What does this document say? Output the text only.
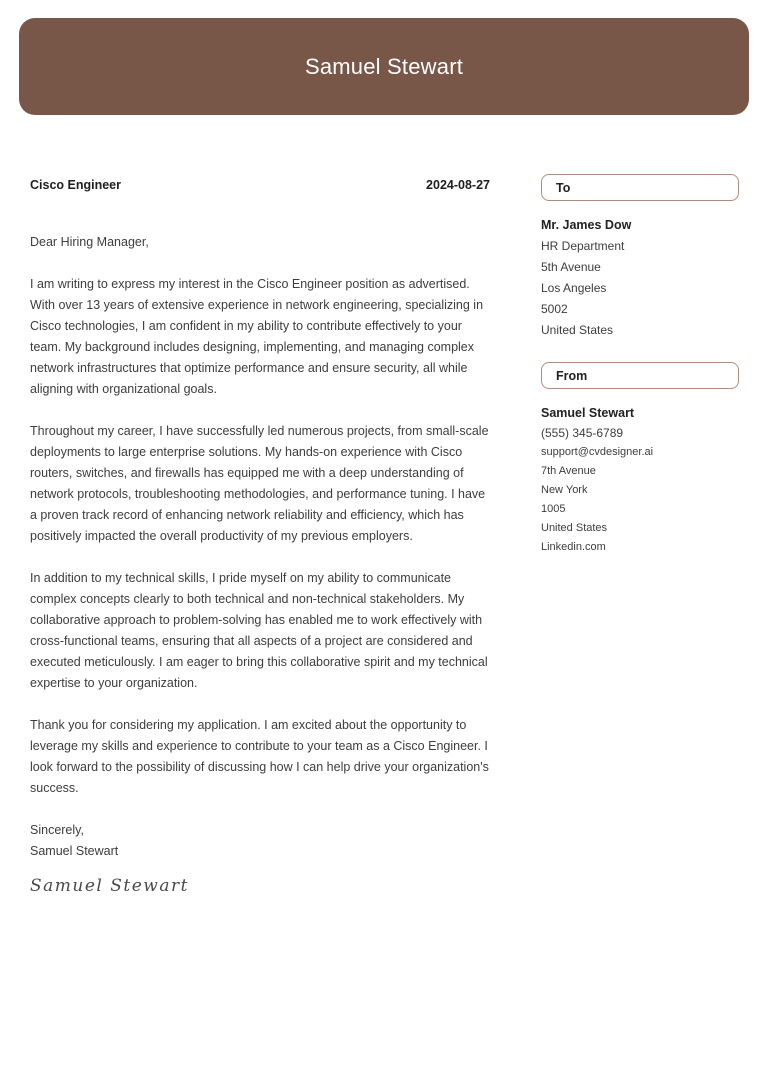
Samuel Stewart
Cisco Engineer	2024-08-27
Dear Hiring Manager,

I am writing to express my interest in the Cisco Engineer position as advertised. With over 13 years of extensive experience in network engineering, specializing in Cisco technologies, I am confident in my ability to contribute effectively to your team. My background includes designing, implementing, and managing complex network infrastructures that optimize performance and ensure security, all while aligning with organizational goals.

Throughout my career, I have successfully led numerous projects, from small-scale deployments to large enterprise solutions. My hands-on experience with Cisco routers, switches, and firewalls has equipped me with a deep understanding of network protocols, troubleshooting methodologies, and performance tuning. I have a proven track record of enhancing network reliability and efficiency, which has positively impacted the overall productivity of my previous employers.

In addition to my technical skills, I pride myself on my ability to communicate complex concepts clearly to both technical and non-technical stakeholders. My collaborative approach to problem-solving has enabled me to work effectively with cross-functional teams, ensuring that all aspects of a project are considered and executed meticulously. I am eager to bring this collaborative spirit and my technical expertise to your organization.

Thank you for considering my application. I am excited about the opportunity to leverage my skills and experience to contribute to your team as a Cisco Engineer. I look forward to the possibility of discussing how I can help drive your organization's success.

Sincerely,
Samuel Stewart
Samuel Stewart
To
Mr. James Dow
HR Department
5th Avenue
Los Angeles
5002
United States
From
Samuel Stewart
(555) 345-6789
support@cvdesigner.ai
7th Avenue
New York
1005
United States
Linkedin.com
